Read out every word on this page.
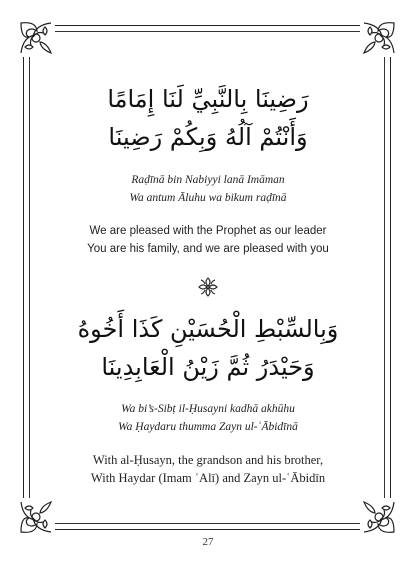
رَضِينَا بِالنَّبِيِّ لَنَا إِمَامًا
وَأَنْتُمْ آلُهُ وَبِكُمْ رَضِينَا
Raḍīnā bin Nabiyyi lanā Imāman
Wa antum Āluhu wa bikum raḍīnā
We are pleased with the Prophet as our leader
You are his family, and we are pleased with you
وَبِالسِّبْطِ الْحُسَيْنِ كَذَا أَخُوهُ
وَحَيْدَرُ ثُمَّ زَيْنُ الْعَابِدِينَا
Wa bi’s-Sibṭ il-Ḥusayni kadhā akhūhu
Wa Ḥaydaru thumma Zayn ul-ʿĀbidīnā
With al-Ḥusayn, the grandson and his brother,
With Haydar (Imam ʿAlī) and Zayn ul-ʿĀbidīn
27
